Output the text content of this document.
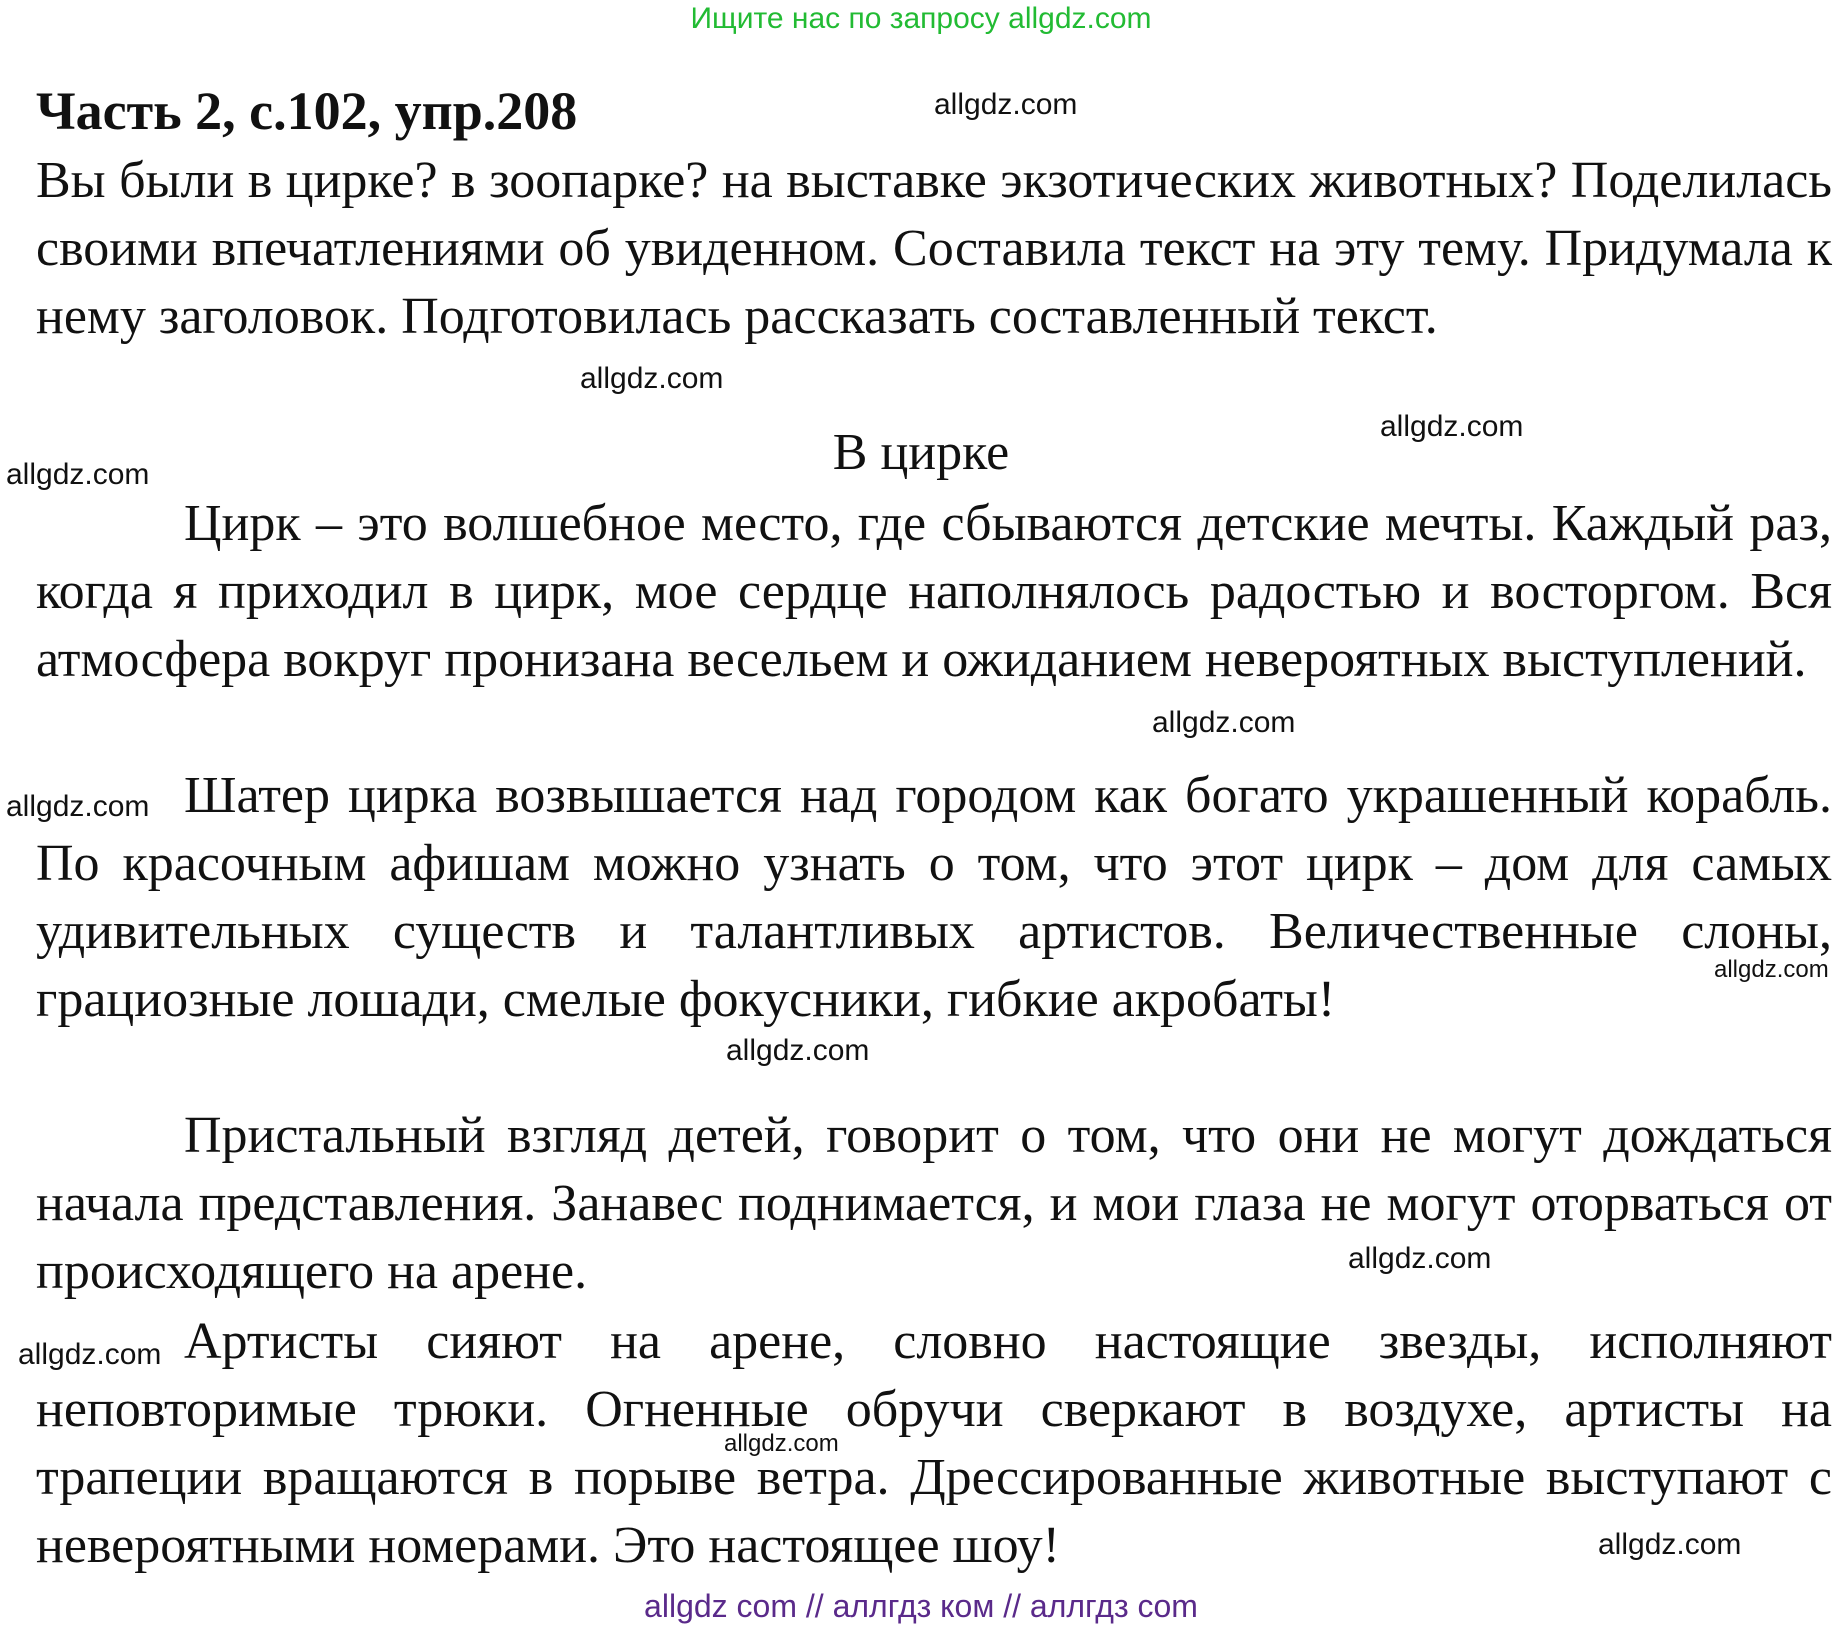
Ищите нас по запросу allgdz.com
Часть 2, с.102, упр.208
Вы были в цирке? в зоопарке? на выставке экзотических животных? Поделилась своими впечатлениями об увиденном. Составила текст на эту тему. Придумала к нему заголовок. Подготовилась рассказать составленный текст.
В цирке
Цирк – это волшебное место, где сбываются детские мечты. Каждый раз, когда я приходил в цирк, мое сердце наполнялось радостью и восторгом. Вся атмосфера вокруг пронизана весельем и ожиданием невероятных выступлений.
Шатер цирка возвышается над городом как богато украшенный корабль. По красочным афишам можно узнать о том, что этот цирк – дом для самых удивительных существ и талантливых артистов. Величественные слоны, грациозные лошади, смелые фокусники, гибкие акробаты!
Пристальный взгляд детей, говорит о том, что они не могут дождаться начала представления. Занавес поднимается, и мои глаза не могут оторваться от происходящего на арене.
Артисты сияют на арене, словно настоящие звезды, исполняют неповторимые трюки. Огненные обручи сверкают в воздухе, артисты на трапеции вращаются в порыве ветра. Дрессированные животные выступают с невероятными номерами. Это настоящее шоу!
allgdz.com
allgdz.com
allgdz.com
allgdz.com
allgdz.com
allgdz.com
allgdz.com
allgdz.com
allgdz.com
allgdz.com
allgdz.com
allgdz.com
allgdz com // аллгдз ком // аллгдз com
